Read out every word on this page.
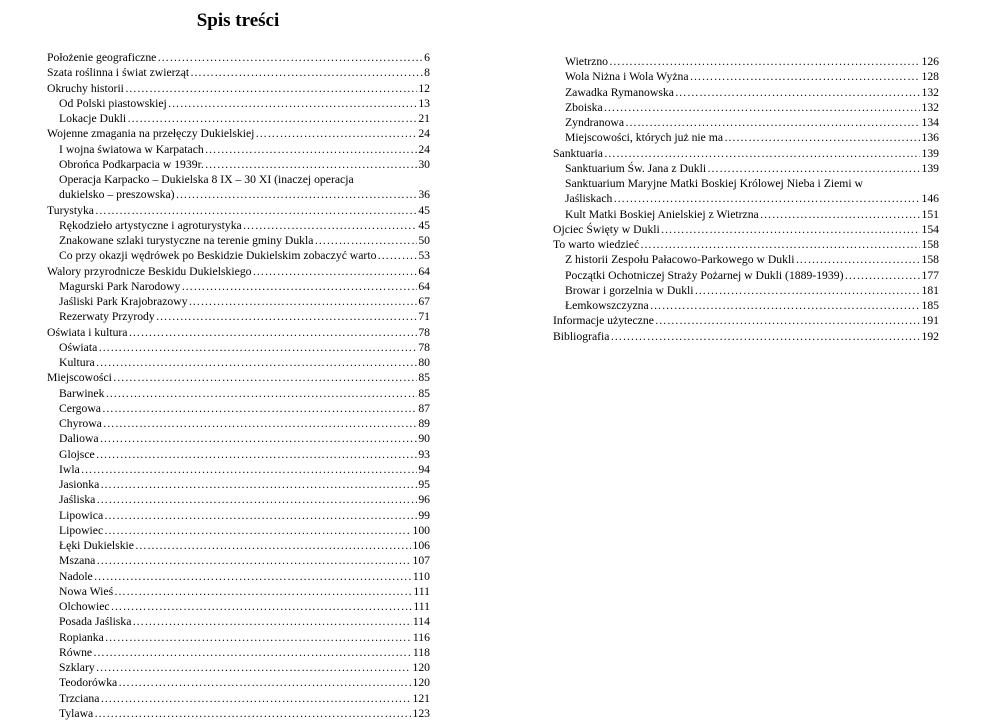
Spis treści
Położenie geograficzne ………………………………………………………………………………………………………………………………………………………………………………	6
Szata roślinna i świat zwierząt ………………………………………………………………………………………………………………………………………………………………………………	8
Okruchy historii ………………………………………………………………………………………………………………………………………………………………………………	12
Od Polski piastowskiej ………………………………………………………………………………………………………………………………………………………………………………	13
Lokacje Dukli ………………………………………………………………………………………………………………………………………………………………………………	21
Wojenne zmagania na przełęczy Dukielskiej ………………………………………………………………………………………………………………………………………………………………………………	24
I wojna światowa w Karpatach ………………………………………………………………………………………………………………………………………………………………………………	24
Obrońca Podkarpacia w 1939r. ………………………………………………………………………………………………………………………………………………………………………………	30
Operacja Karpacko – Dukielska 8 IX – 30 XI (inaczej operacja
dukielsko – preszowska) ………………………………………………………………………………………………………………………………………………………………………………	36
Turystyka ………………………………………………………………………………………………………………………………………………………………………………	45
Rękodzieło artystyczne i agroturystyka ………………………………………………………………………………………………………………………………………………………………………………	45
Znakowane szlaki turystyczne na terenie gminy Dukla ………………………………………………………………………………………………………………………………………………………………………………	50
Co przy okazji wędrówek po Beskidzie Dukielskim zobaczyć warto ………………………………………………………………………………………………………………………………………………………………………………	53
Walory przyrodnicze Beskidu Dukielskiego ………………………………………………………………………………………………………………………………………………………………………………	64
Magurski Park Narodowy ………………………………………………………………………………………………………………………………………………………………………………	64
Jaśliski Park Krajobrazowy ………………………………………………………………………………………………………………………………………………………………………………	67
Rezerwaty Przyrody ………………………………………………………………………………………………………………………………………………………………………………	71
Oświata i kultura ………………………………………………………………………………………………………………………………………………………………………………	78
Oświata ………………………………………………………………………………………………………………………………………………………………………………	78
Kultura ………………………………………………………………………………………………………………………………………………………………………………	80
Miejscowości ………………………………………………………………………………………………………………………………………………………………………………	85
Barwinek ………………………………………………………………………………………………………………………………………………………………………………	85
Cergowa ………………………………………………………………………………………………………………………………………………………………………………	87
Chyrowa ………………………………………………………………………………………………………………………………………………………………………………	89
Daliowa ………………………………………………………………………………………………………………………………………………………………………………	90
Glojsce ………………………………………………………………………………………………………………………………………………………………………………	93
Iwla ………………………………………………………………………………………………………………………………………………………………………………	94
Jasionka ………………………………………………………………………………………………………………………………………………………………………………	95
Jaśliska ………………………………………………………………………………………………………………………………………………………………………………	96
Lipowica ………………………………………………………………………………………………………………………………………………………………………………	99
Lipowiec ………………………………………………………………………………………………………………………………………………………………………………	100
Łęki Dukielskie ………………………………………………………………………………………………………………………………………………………………………………	106
Mszana ………………………………………………………………………………………………………………………………………………………………………………	107
Nadole ………………………………………………………………………………………………………………………………………………………………………………	110
Nowa Wieś ………………………………………………………………………………………………………………………………………………………………………………	111
Olchowiec ………………………………………………………………………………………………………………………………………………………………………………	111
Posada Jaśliska ………………………………………………………………………………………………………………………………………………………………………………	114
Ropianka ………………………………………………………………………………………………………………………………………………………………………………	116
Równe ………………………………………………………………………………………………………………………………………………………………………………	118
Szklary ………………………………………………………………………………………………………………………………………………………………………………	120
Teodorówka ………………………………………………………………………………………………………………………………………………………………………………	120
Trzciana ………………………………………………………………………………………………………………………………………………………………………………	121
Tylawa ………………………………………………………………………………………………………………………………………………………………………………	123
Wietrzno ………………………………………………………………………………………………………………………………………………………………………………	126
Wola Niżna i Wola Wyżna ………………………………………………………………………………………………………………………………………………………………………………	128
Zawadka Rymanowska ………………………………………………………………………………………………………………………………………………………………………………	132
Zboiska ………………………………………………………………………………………………………………………………………………………………………………	132
Zyndranowa ………………………………………………………………………………………………………………………………………………………………………………	134
Miejscowości, których już nie ma ………………………………………………………………………………………………………………………………………………………………………………	136
Sanktuaria ………………………………………………………………………………………………………………………………………………………………………………	139
Sanktuarium Św. Jana z Dukli ………………………………………………………………………………………………………………………………………………………………………………	139
Sanktuarium Maryjne Matki Boskiej Królowej Nieba i Ziemi w
Jaśliskach ………………………………………………………………………………………………………………………………………………………………………………	146
Kult Matki Boskiej Anielskiej z Wietrzna ………………………………………………………………………………………………………………………………………………………………………………	151
Ojciec Święty w Dukli ………………………………………………………………………………………………………………………………………………………………………………	154
To warto wiedzieć ………………………………………………………………………………………………………………………………………………………………………………	158
Z historii Zespołu Pałacowo-Parkowego w Dukli ………………………………………………………………………………………………………………………………………………………………………………	158
Początki Ochotniczej Straży Pożarnej w Dukli (1889-1939) ………………………………………………………………………………………………………………………………………………………………………………	177
Browar i gorzelnia w Dukli ………………………………………………………………………………………………………………………………………………………………………………	181
Łemkowszczyzna ………………………………………………………………………………………………………………………………………………………………………………	185
Informacje użyteczne ………………………………………………………………………………………………………………………………………………………………………………	191
Bibliografia ………………………………………………………………………………………………………………………………………………………………………………	192
